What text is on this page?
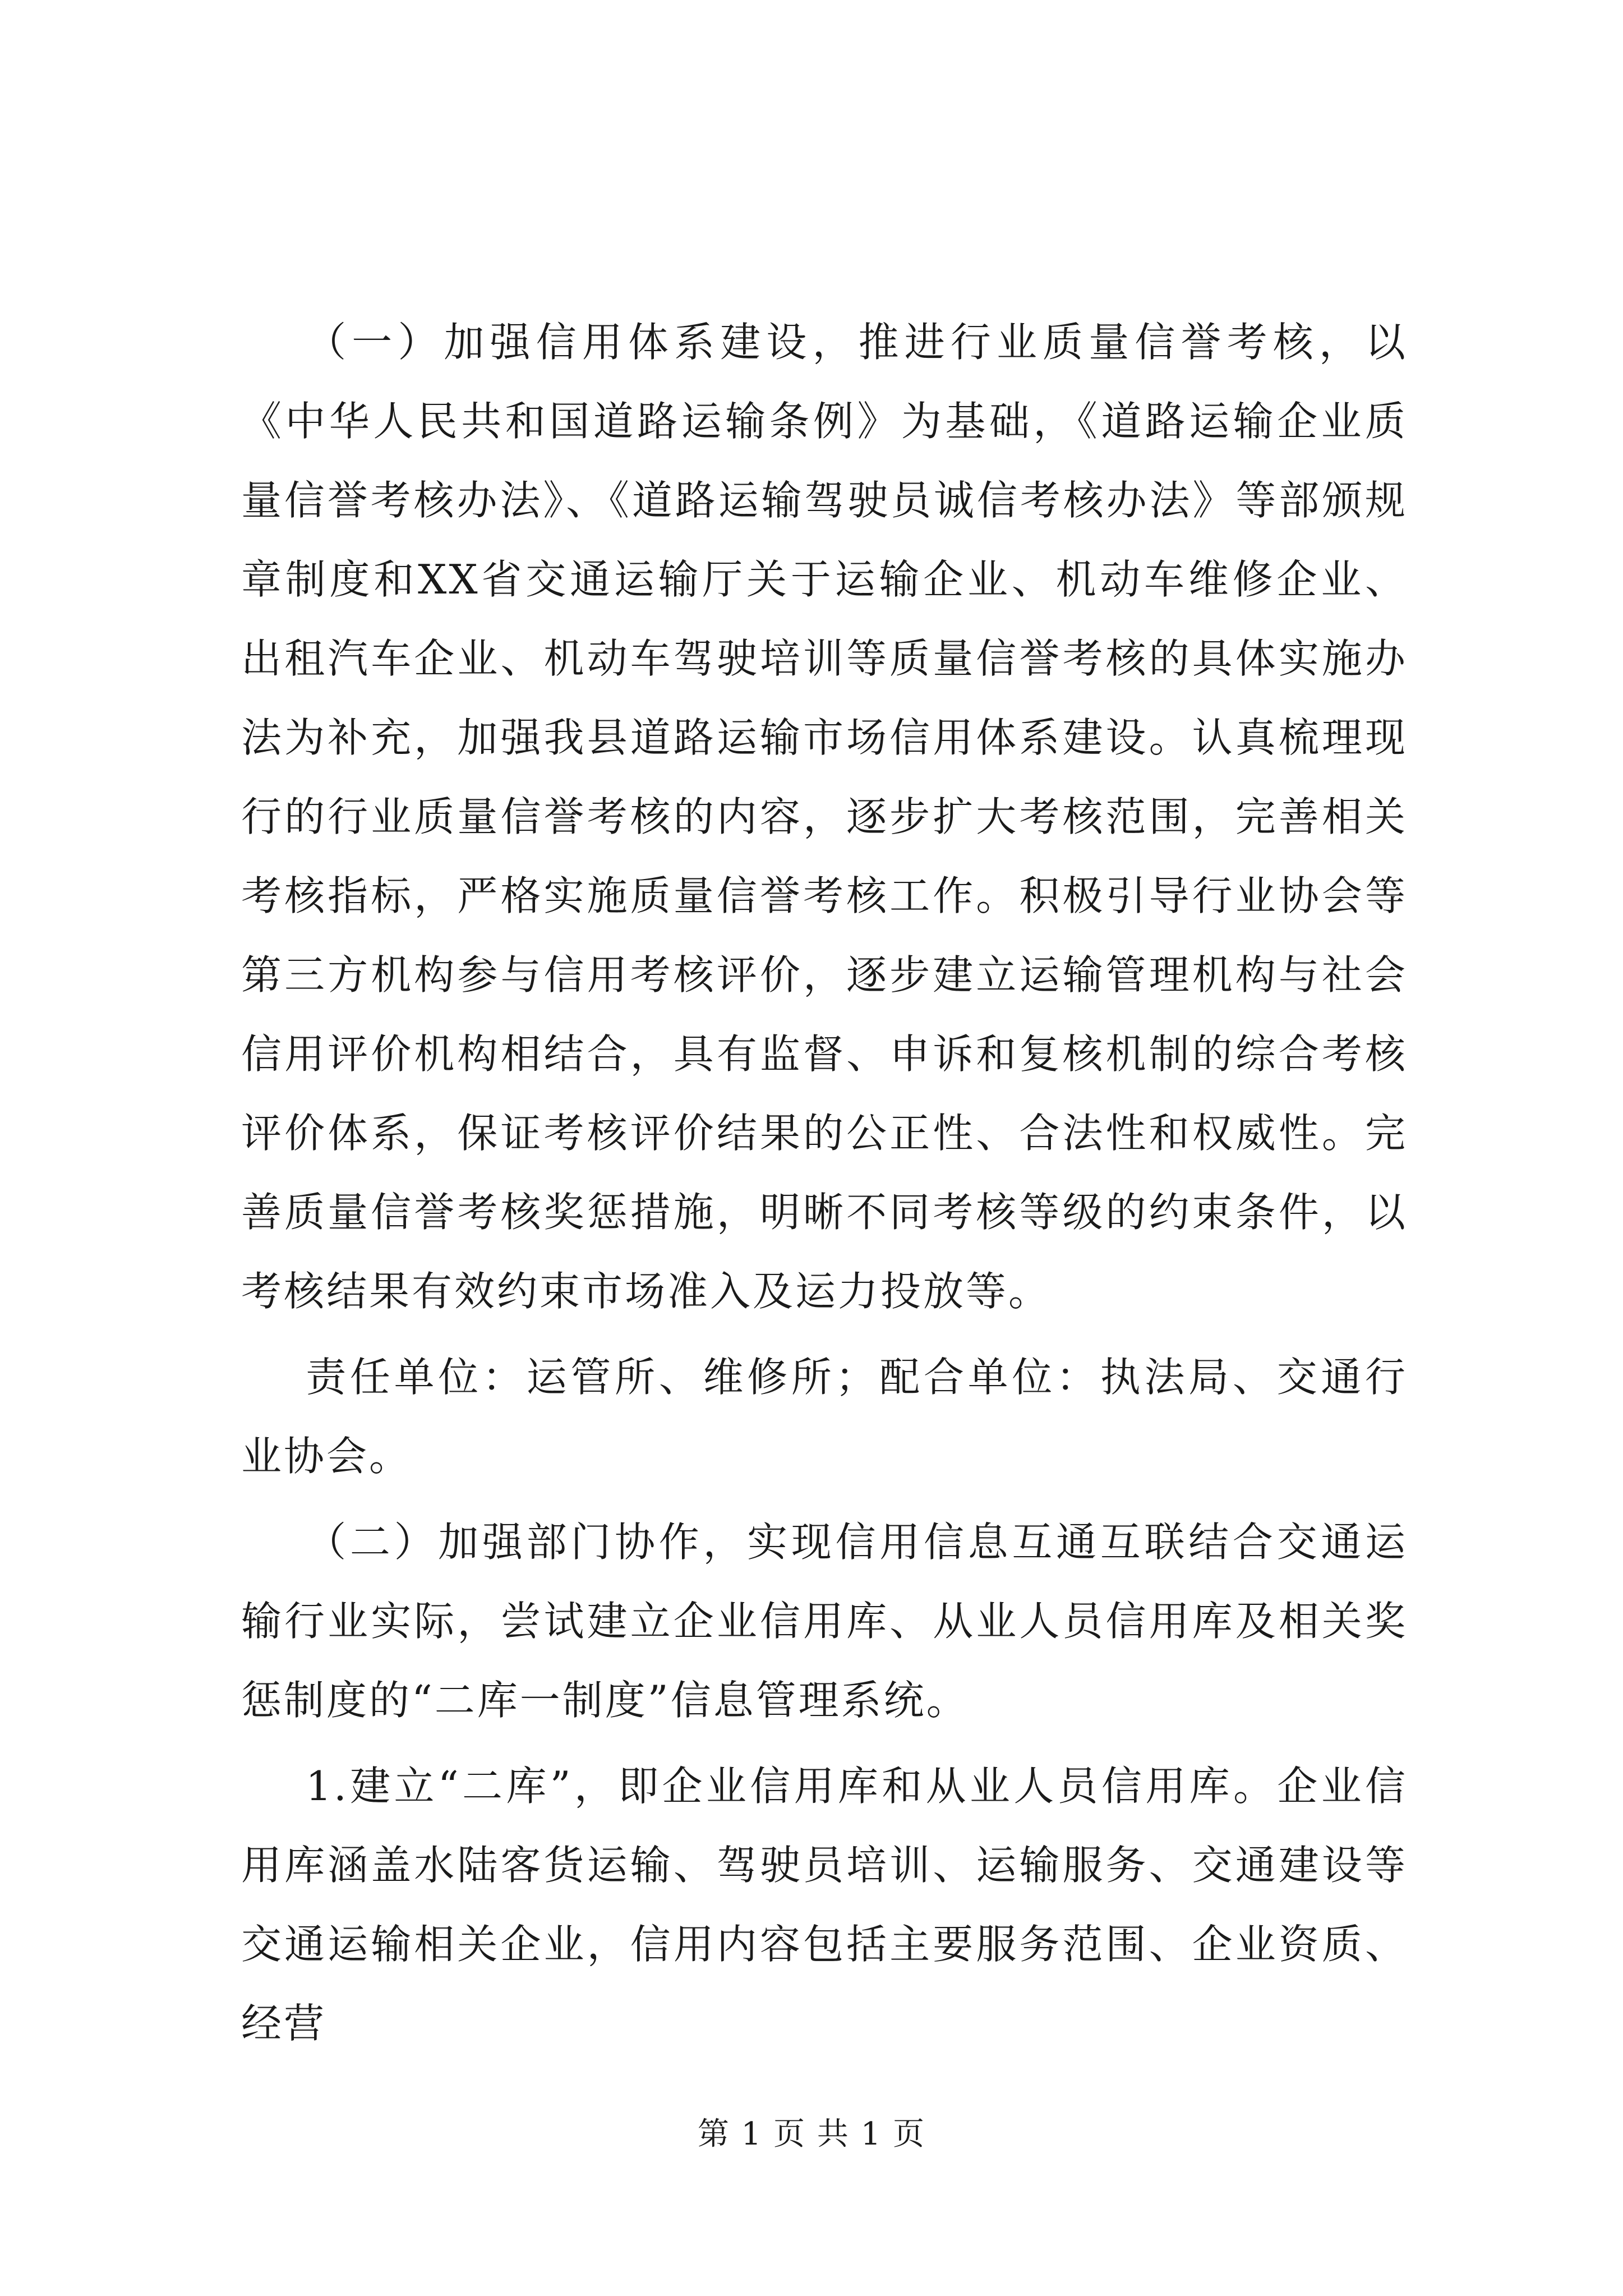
（一）加强信用体系建设，推进行业质量信誉考核，以《中华人民共和国道路运输条例》为基础，《道路运输企业质量信誉考核办法》、《道路运输驾驶员诚信考核办法》等部颁规章制度和XX省交通运输厅关于运输企业、机动车维修企业、出租汽车企业、机动车驾驶培训等质量信誉考核的具体实施办法为补充，加强我县道路运输市场信用体系建设。认真梳理现行的行业质量信誉考核的内容，逐步扩大考核范围，完善相关考核指标，严格实施质量信誉考核工作。积极引导行业协会等第三方机构参与信用考核评价，逐步建立运输管理机构与社会信用评价机构相结合，具有监督、申诉和复核机制的综合考核评价体系，保证考核评价结果的公正性、合法性和权威性。完善质量信誉考核奖惩措施，明晰不同考核等级的约束条件，以考核结果有效约束市场准入及运力投放等。

责任单位：运管所、维修所；配合单位：执法局、交通行业协会。

（二）加强部门协作，实现信用信息互通互联结合交通运输行业实际，尝试建立企业信用库、从业人员信用库及相关奖惩制度的“二库一制度”信息管理系统。

1.建立“二库”，即企业信用库和从业人员信用库。企业信用库涵盖水陆客货运输、驾驶员培训、运输服务、交通建设等交通运输相关企业，信用内容包括主要服务范围、企业资质、经营

第 1 页 共 1 页
